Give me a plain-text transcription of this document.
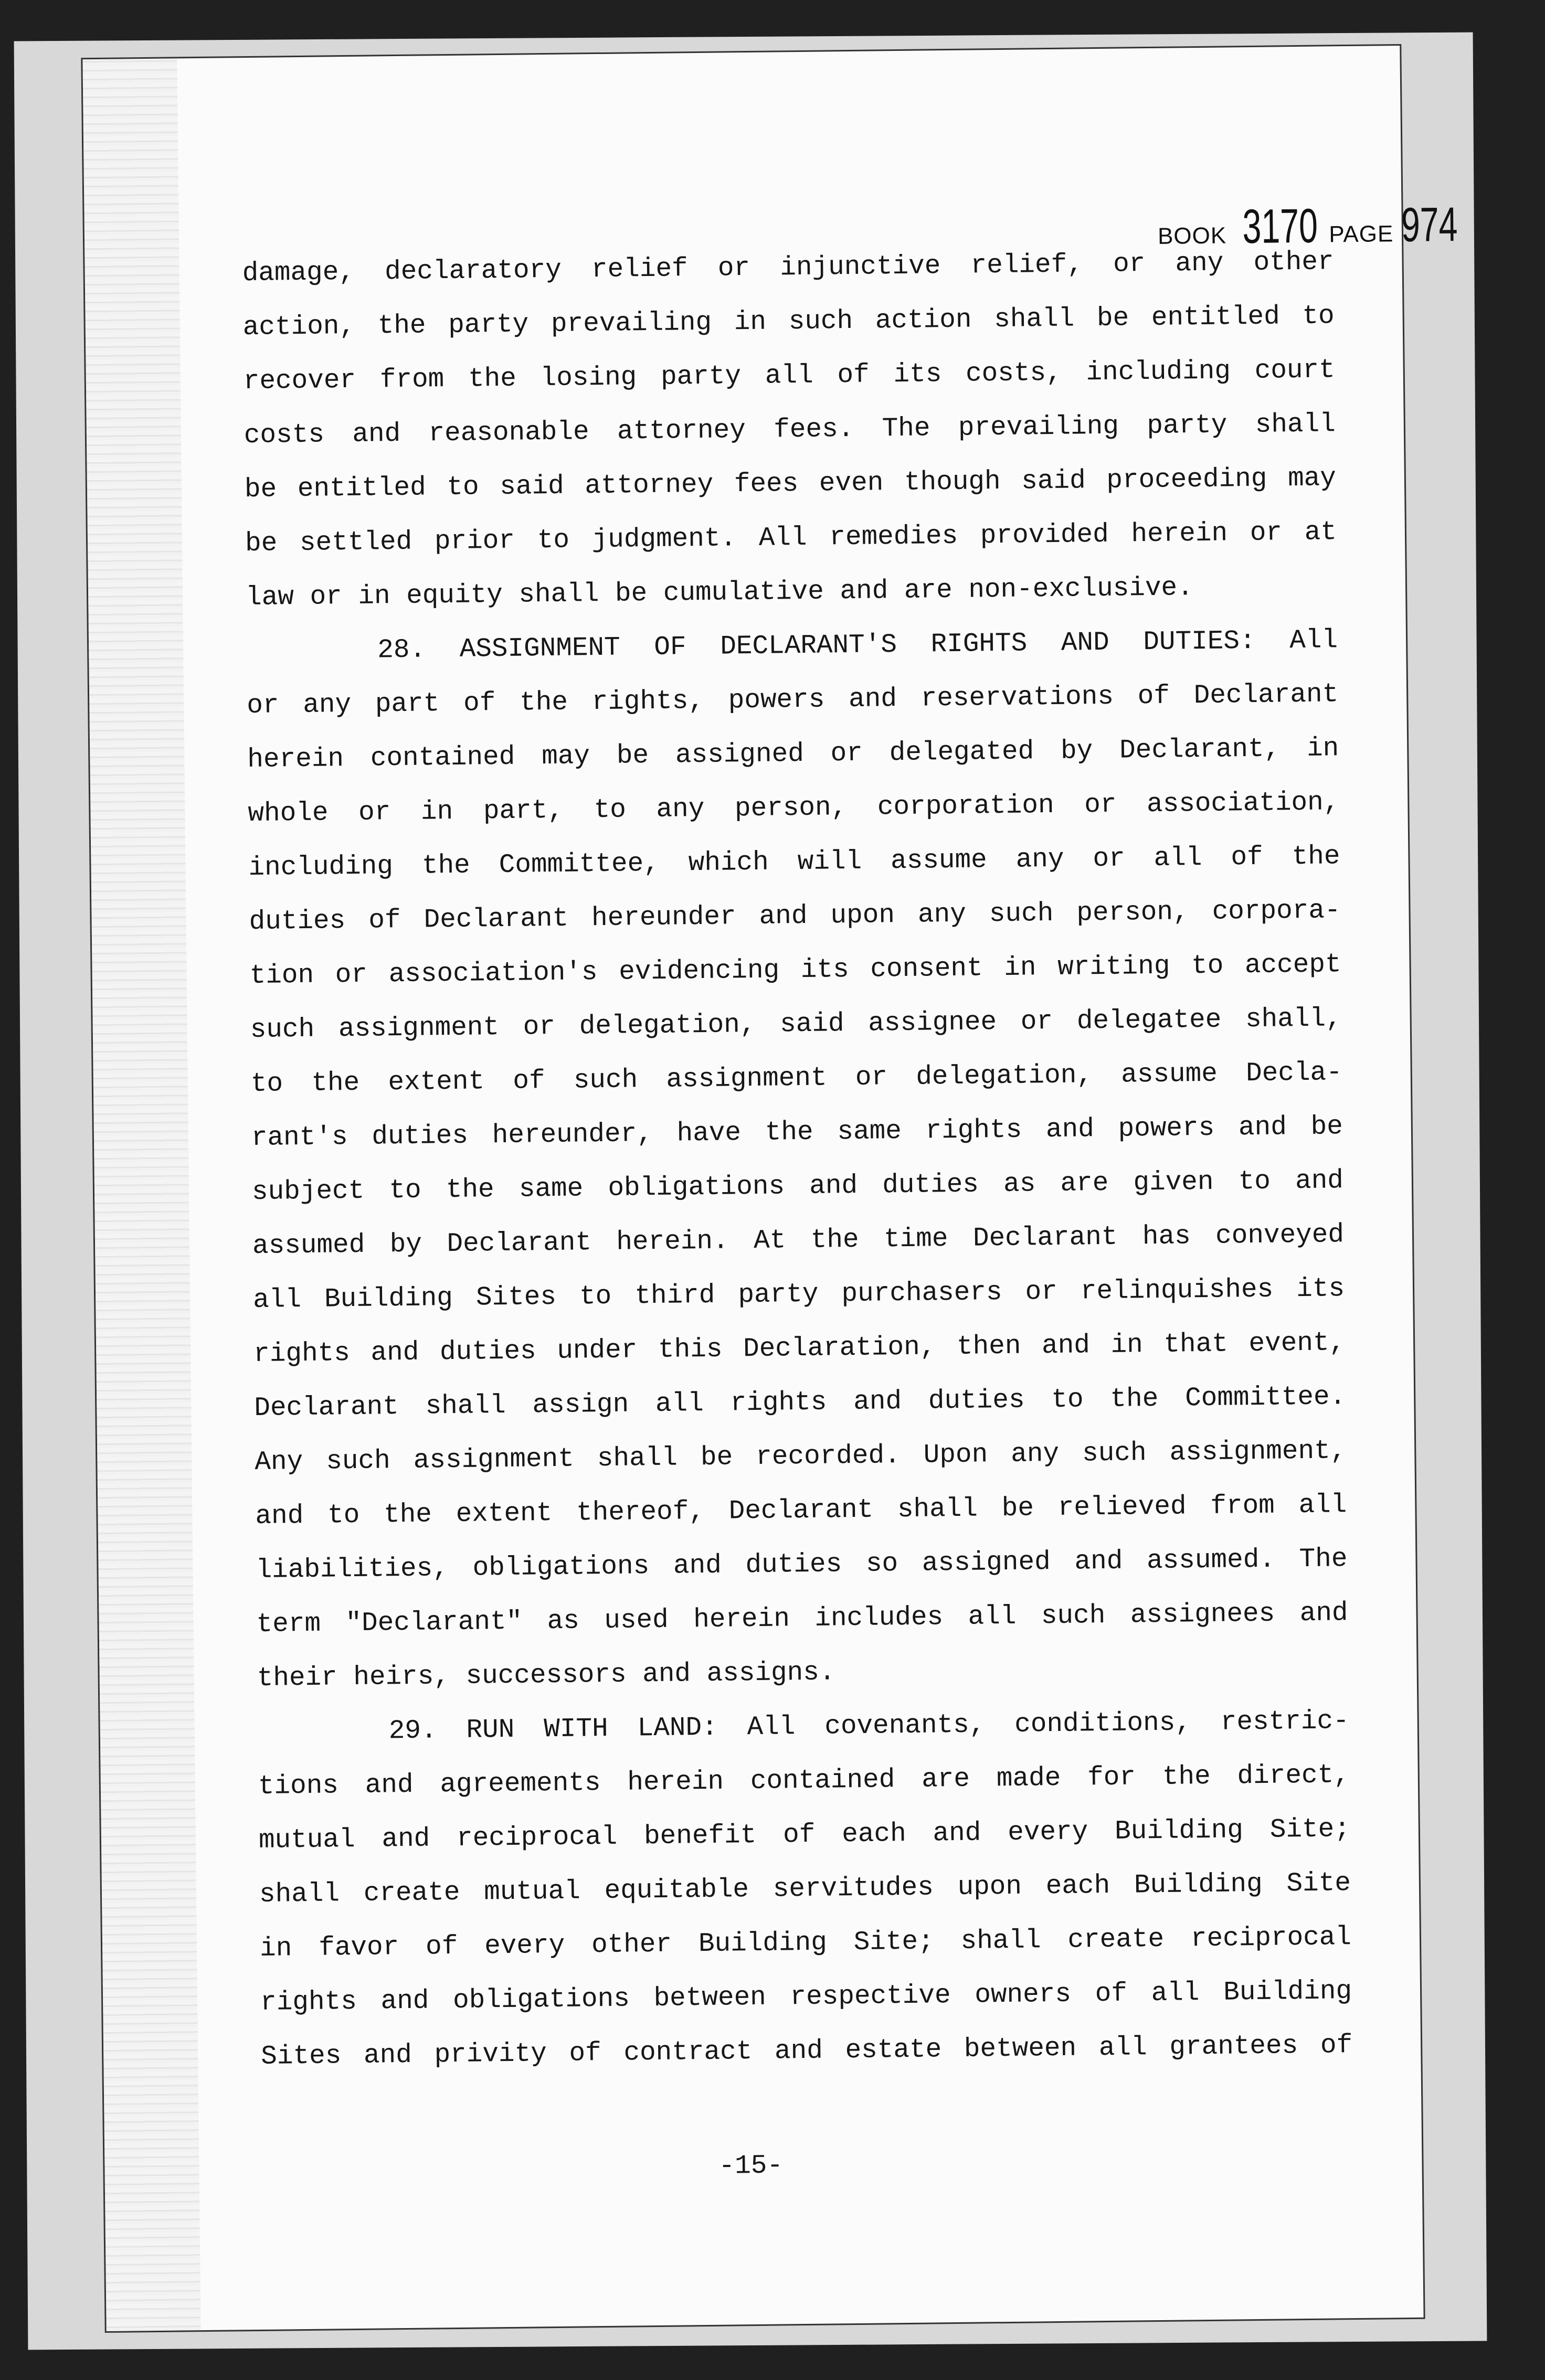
BOOK 3170 PAGE 974
damage, declaratory relief or injunctive relief, or any other
action, the party prevailing in such action shall be entitled to
recover from the losing party all of its costs, including court
costs and reasonable attorney fees. The prevailing party shall
be entitled to said attorney fees even though said proceeding may
be settled prior to judgment. All remedies provided herein or at
law or in equity shall be cumulative and are non-exclusive.
28. ASSIGNMENT OF DECLARANT'S RIGHTS AND DUTIES: All
or any part of the rights, powers and reservations of Declarant
herein contained may be assigned or delegated by Declarant, in
whole or in part, to any person, corporation or association,
including the Committee, which will assume any or all of the
duties of Declarant hereunder and upon any such person, corpora-
tion or association's evidencing its consent in writing to accept
such assignment or delegation, said assignee or delegatee shall,
to the extent of such assignment or delegation, assume Decla-
rant's duties hereunder, have the same rights and powers and be
subject to the same obligations and duties as are given to and
assumed by Declarant herein. At the time Declarant has conveyed
all Building Sites to third party purchasers or relinquishes its
rights and duties under this Declaration, then and in that event,
Declarant shall assign all rights and duties to the Committee.
Any such assignment shall be recorded. Upon any such assignment,
and to the extent thereof, Declarant shall be relieved from all
liabilities, obligations and duties so assigned and assumed. The
term "Declarant" as used herein includes all such assignees and
their heirs, successors and assigns.
29. RUN WITH LAND: All covenants, conditions, restric-
tions and agreements herein contained are made for the direct,
mutual and reciprocal benefit of each and every Building Site;
shall create mutual equitable servitudes upon each Building Site
in favor of every other Building Site; shall create reciprocal
rights and obligations between respective owners of all Building
Sites and privity of contract and estate between all grantees of
-15-
